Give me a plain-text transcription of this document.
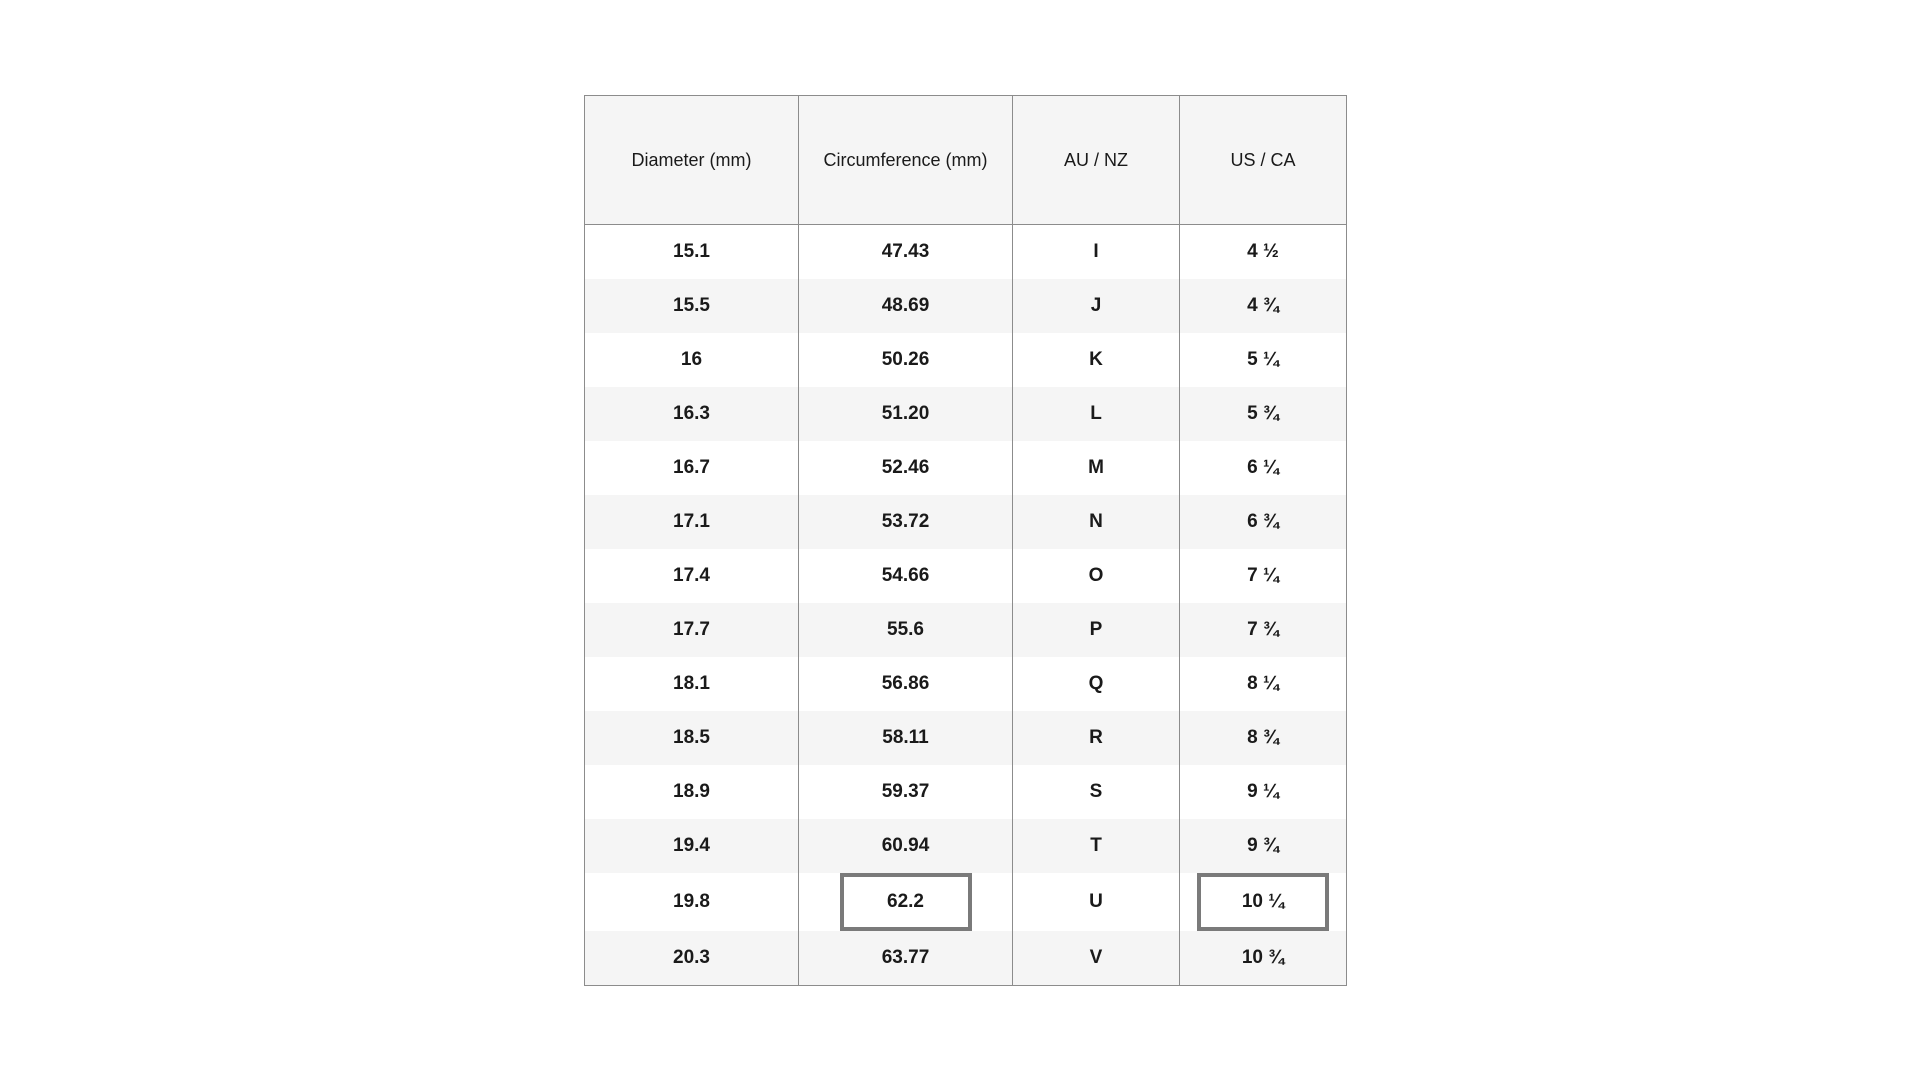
Diameter (mm)	Circumference (mm)	AU / NZ	US / CA
15.1	47.43	I	4 ½
15.5	48.69	J	4 ¾
16	50.26	K	5 ¼
16.3	51.20	L	5 ¾
16.7	52.46	M	6 ¼
17.1	53.72	N	6 ¾
17.4	54.66	O	7 ¼
17.7	55.6	P	7 ¾
18.1	56.86	Q	8 ¼
18.5	58.11	R	8 ¾
18.9	59.37	S	9 ¼
19.4	60.94	T	9 ¾
19.8	62.2	U	10 ¼
20.3	63.77	V	10 ¾
